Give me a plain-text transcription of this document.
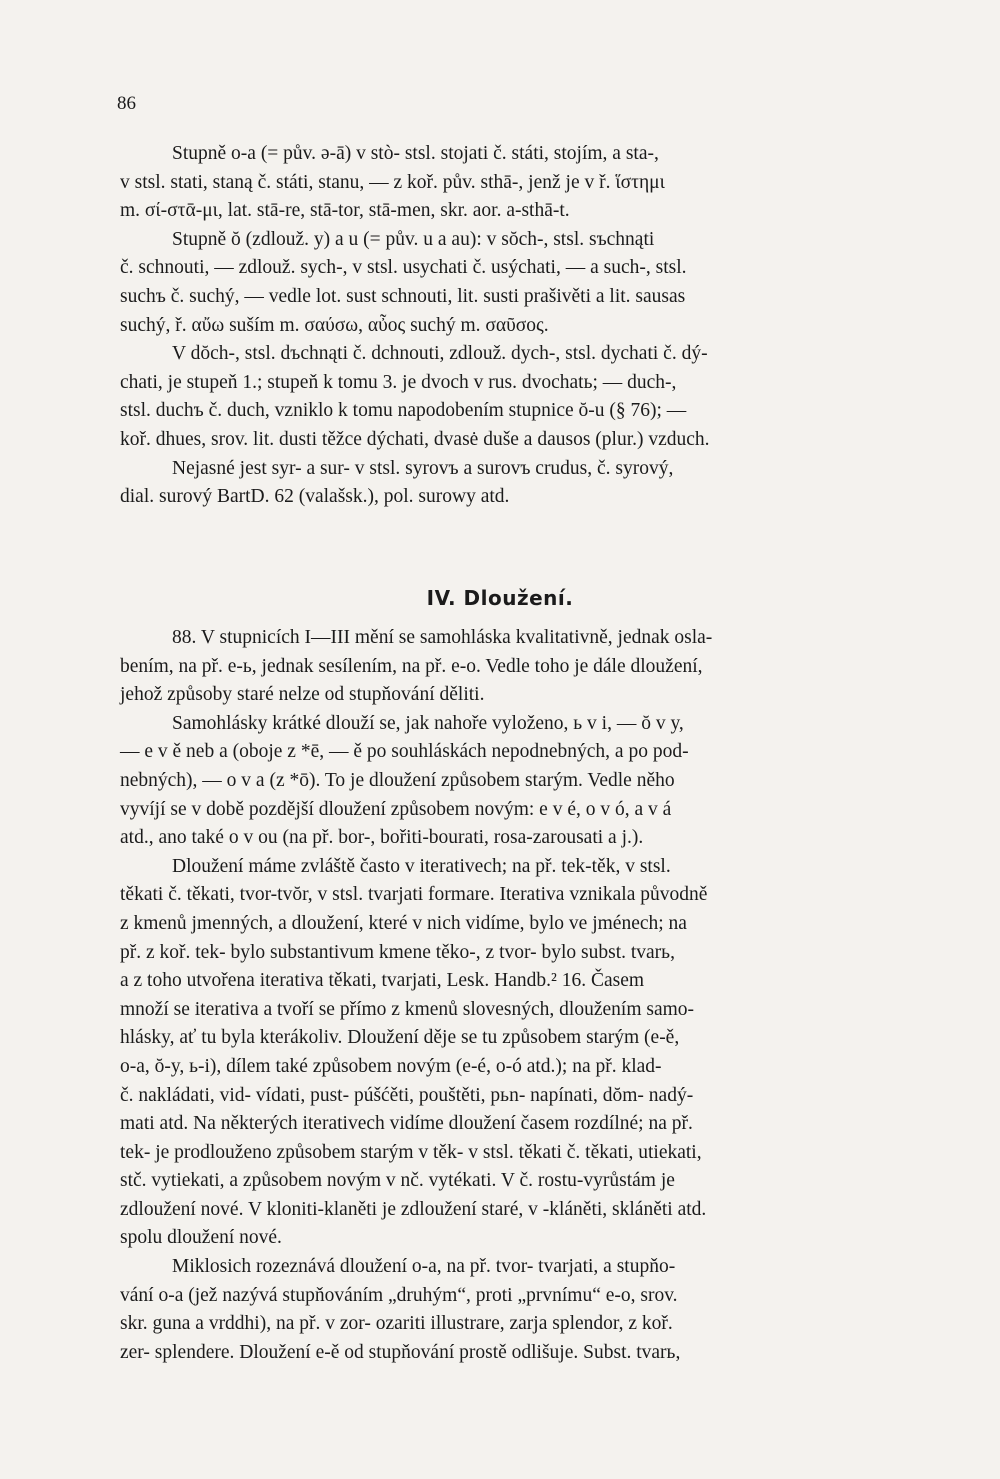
86

Stupně o-a (= pův. ə-ā) v stò- stsl. stojati č. státi, stojím, a sta-,
v stsl. stati, staną č. státi, stanu, — z koř. pův. sthā-, jenž je v ř. ἵστημι
m. σί-στᾱ-μι, lat. stā-re, stā-tor, stā-men, skr. aor. a-sthā-t.

Stupně ŏ (zdlouž. y) a u (= pův. u a au): v sŏch-, stsl. sъchnąti
č. schnouti, — zdlouž. sych-, v stsl. usychati č. usýchati, — a such-, stsl.
suchъ č. suchý, — vedle lot. sust schnouti, lit. susti prašivěti a lit. sausas
suchý, ř. αὔω suším m. σαύσω, αὖος suchý m. σαῦσος.

V dŏch-, stsl. dъchnąti č. dchnouti, zdlouž. dych-, stsl. dychati č. dý-
chati, je stupeň 1.; stupeň k tomu 3. je dvoch v rus. dvochatь; — duch-,
stsl. duchъ č. duch, vzniklo k tomu napodobením stupnice ŏ-u (§ 76); —
koř. dhues, srov. lit. dusti těžce dýchati, dvasė duše a dausos (plur.) vzduch.

Nejasné jest syr- a sur- v stsl. syrovъ a surovъ crudus, č. syrový,
dial. surový BartD. 62 (valašsk.), pol. surowy atd.

IV. Dloužení.

88. V stupnicích I—III mění se samohláska kvalitativně, jednak osla-
bením, na př. e-ь, jednak sesílením, na př. e-o. Vedle toho je dále dloužení,
jehož způsoby staré nelze od stupňování děliti.

Samohlásky krátké dlouží se, jak nahoře vyloženo, ь v i, — ŏ v y,
— e v ě neb a (oboje z *ē, — ě po souhláskách nepodnebných, a po pod-
nebných), — o v a (z *ō). To je dloužení způsobem starým. Vedle něho
vyvíjí se v době pozdější dloužení způsobem novým: e v é, o v ó, a v á
atd., ano také o v ou (na př. bor-, bořiti-bourati, rosa-zarousati a j.).

Dloužení máme zvláště často v iterativech; na př. tek-těk, v stsl.
těkati č. těkati, tvor-tvŏr, v stsl. tvarjati formare. Iterativa vznikala původně
z kmenů jmenných, a dloužení, které v nich vidíme, bylo ve jménech; na
př. z koř. tek- bylo substantivum kmene těko-, z tvor- bylo subst. tvarь,
a z toho utvořena iterativa těkati, tvarjati, Lesk. Handb.² 16. Časem
množí se iterativa a tvoří se přímo z kmenů slovesných, dloužením samo-
hlásky, ať tu byla kterákoliv. Dloužení děje se tu způsobem starým (e-ě,
o-a, ŏ-y, ь-i), dílem také způsobem novým (e-é, o-ó atd.); na př. klad-
č. nakládati, vid- vídati, pust- púšćěti, pouštěti, pьn- napínati, dŏm- nadý-
mati atd. Na některých iterativech vidíme dloužení časem rozdílné; na př.
tek- je prodlouženo způsobem starým v těk- v stsl. těkati č. těkati, utiekati,
stč. vytiekati, a způsobem novým v nč. vytékati. V č. rostu-vyrůstám je
zdloužení nové. V kloniti-klaněti je zdloužení staré, v -kláněti, skláněti atd.
spolu dloužení nové.

Miklosich rozeznává dloužení o-a, na př. tvor- tvarjati, a stupňo-
vání o-a (jež nazývá stupňováním „druhým“, proti „prvnímu“ e-o, srov.
skr. guna a vrddhi), na př. v zor- ozariti illustrare, zarja splendor, z koř.
zer- splendere. Dloužení e-ě od stupňování prostě odlišuje. Subst. tvarь,
